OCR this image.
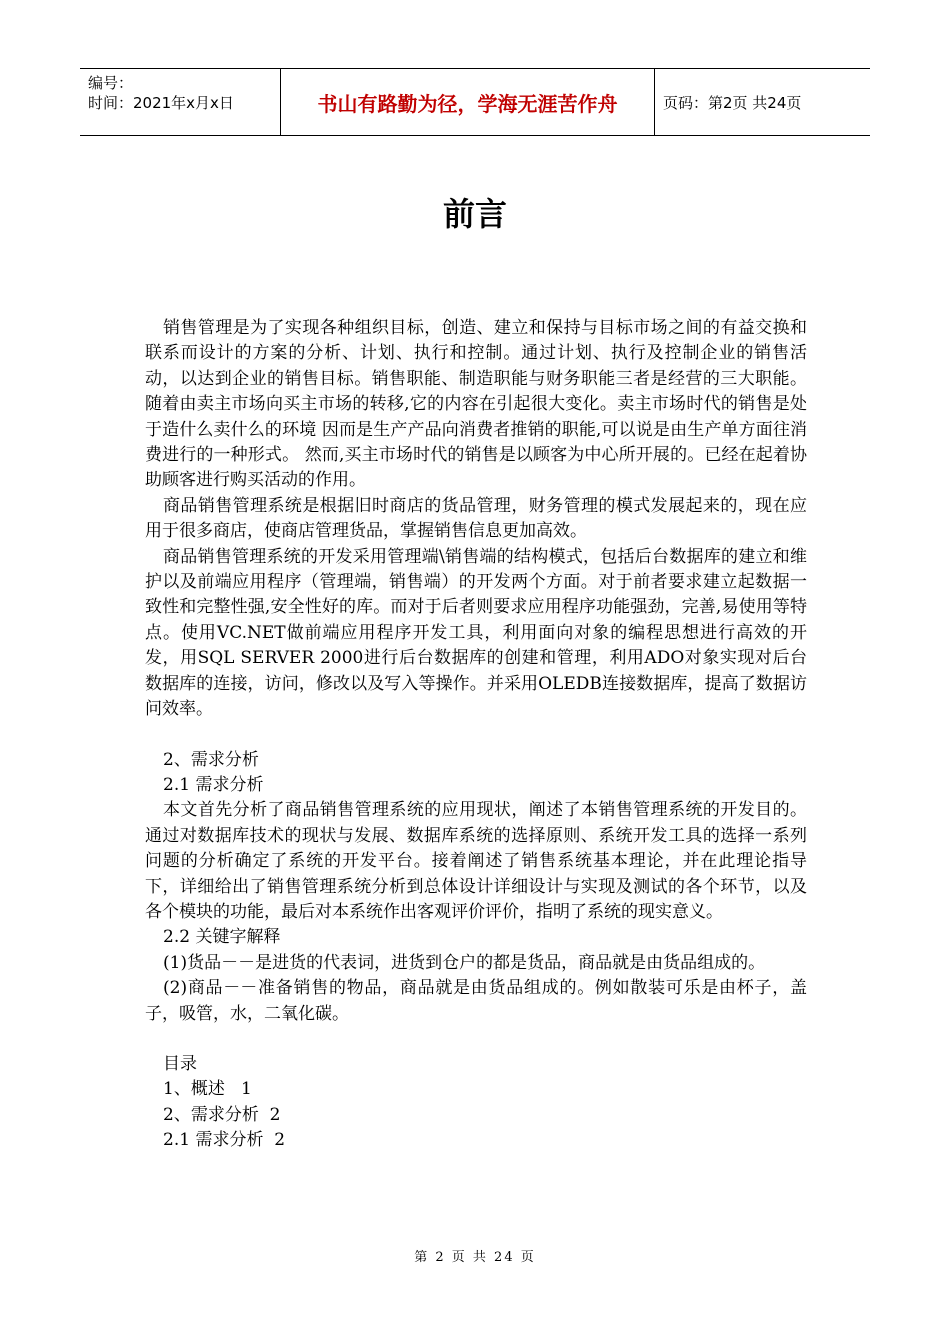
编号：
时间：2021年x月x日	书山有路勤为径，学海无涯苦作舟	页码：第2页 共24页
前言

销售管理是为了实现各种组织目标，创造、建立和保持与目标市场之间的有益交换和联系而设计的方案的分析、计划、执行和控制。通过计划、执行及控制企业的销售活动，以达到企业的销售目标。销售职能、制造职能与财务职能三者是经营的三大职能。随着由卖主市场向买主市场的转移,它的内容在引起很大变化。卖主市场时代的销售是处于造什么卖什么的环境 因而是生产产品向消费者推销的职能,可以说是由生产单方面往消费进行的一种形式。 然而,买主市场时代的销售是以顾客为中心所开展的。已经在起着协助顾客进行购买活动的作用。

商品销售管理系统是根据旧时商店的货品管理，财务管理的模式发展起来的，现在应用于很多商店，使商店管理货品，掌握销售信息更加高效。

商品销售管理系统的开发采用管理端\销售端的结构模式，包括后台数据库的建立和维护以及前端应用程序（管理端，销售端）的开发两个方面。对于前者要求建立起数据一致性和完整性强,安全性好的库。而对于后者则要求应用程序功能强劲，完善,易使用等特点。使用VC.NET做前端应用程序开发工具，利用面向对象的编程思想进行高效的开发，用SQL SERVER 2000进行后台数据库的创建和管理，利用ADO对象实现对后台数据库的连接，访问，修改以及写入等操作。并采用OLEDB连接数据库，提高了数据访问效率。

2、需求分析

2.1 需求分析

本文首先分析了商品销售管理系统的应用现状，阐述了本销售管理系统的开发目的。通过对数据库技术的现状与发展、数据库系统的选择原则、系统开发工具的选择一系列问题的分析确定了系统的开发平台。接着阐述了销售系统基本理论，并在此理论指导下，详细给出了销售管理系统分析到总体设计详细设计与实现及测试的各个环节，以及各个模块的功能，最后对本系统作出客观评价评价，指明了系统的现实意义。

2.2 关键字解释

(1)货品－－是进货的代表词，进货到仓户的都是货品，商品就是由货品组成的。

(2)商品－－准备销售的物品，商品就是由货品组成的。例如散装可乐是由杯子，盖子，吸管，水，二氧化碳。

目录

1、概述   1

2、需求分析  2

2.1 需求分析  2

第 2 页 共 24 页
